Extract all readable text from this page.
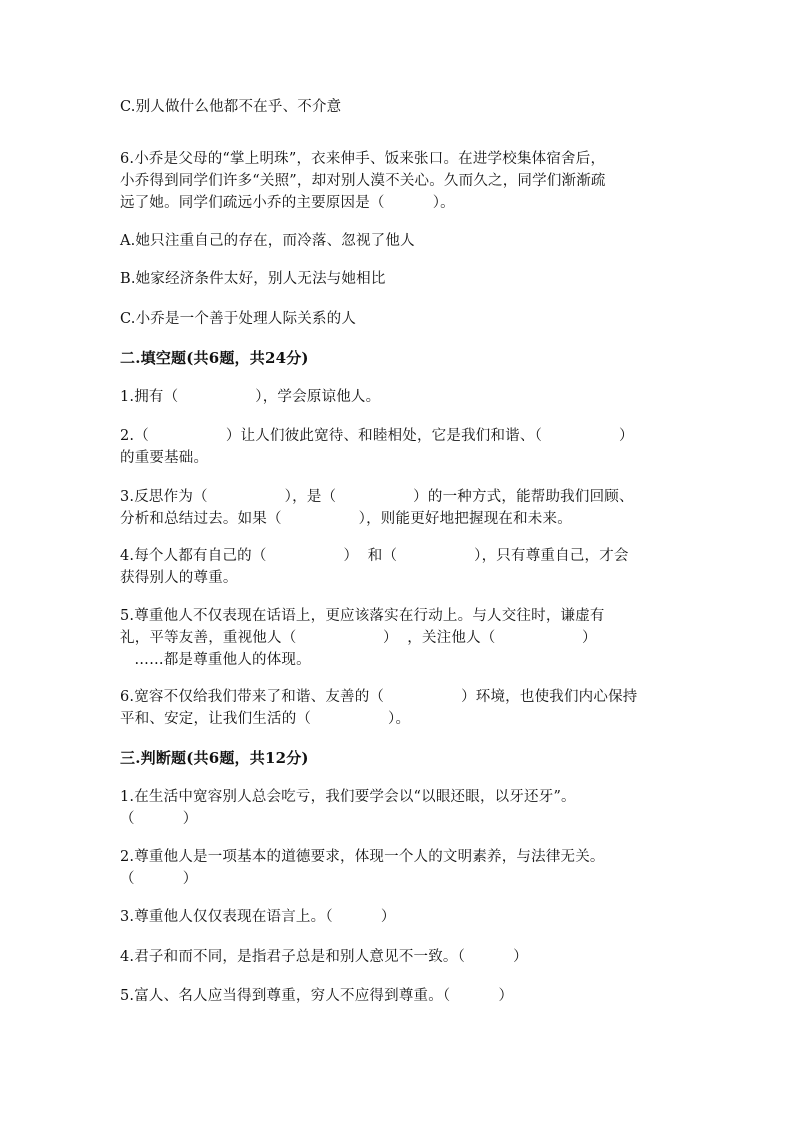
C.别人做什么他都不在乎、不介意
6.小乔是父母的“掌上明珠”，衣来伸手、饭来张口。在进学校集体宿舍后，
小乔得到同学们许多“关照”，却对别人漠不关心。久而久之，同学们渐渐疏
远了她。同学们疏远小乔的主要原因是（          ）。
A.她只注重自己的存在，而冷落、忽视了他人
B.她家经济条件太好，别人无法与她相比
C.小乔是一个善于处理人际关系的人
二.填空题(共6题，共24分)
1.拥有（                ），学会原谅他人。
2.（                ）让人们彼此宽待、和睦相处，它是我们和谐、（                ）
的重要基础。
3.反思作为（                ），是（                ）的一种方式，能帮助我们回顾、
分析和总结过去。如果（                ），则能更好地把握现在和未来。
4.每个人都有自己的（                ）  和（                ），只有尊重自己，才会
获得别人的尊重。
5.尊重他人不仅表现在话语上，更应该落实在行动上。与人交往时，谦虚有
礼，平等友善，重视他人（                  ）  ，关注他人（                  ）
……都是尊重他人的体现。
6.宽容不仅给我们带来了和谐、友善的（                ）环境，也使我们内心保持
平和、安定，让我们生活的（                ）。
三.判断题(共6题，共12分)
1.在生活中宽容别人总会吃亏，我们要学会以“以眼还眼，以牙还牙”。
（          ）
2.尊重他人是一项基本的道德要求，体现一个人的文明素养，与法律无关。
（          ）
3.尊重他人仅仅表现在语言上。（          ）
4.君子和而不同，是指君子总是和别人意见不一致。（          ）
5.富人、名人应当得到尊重，穷人不应得到尊重。（          ）
